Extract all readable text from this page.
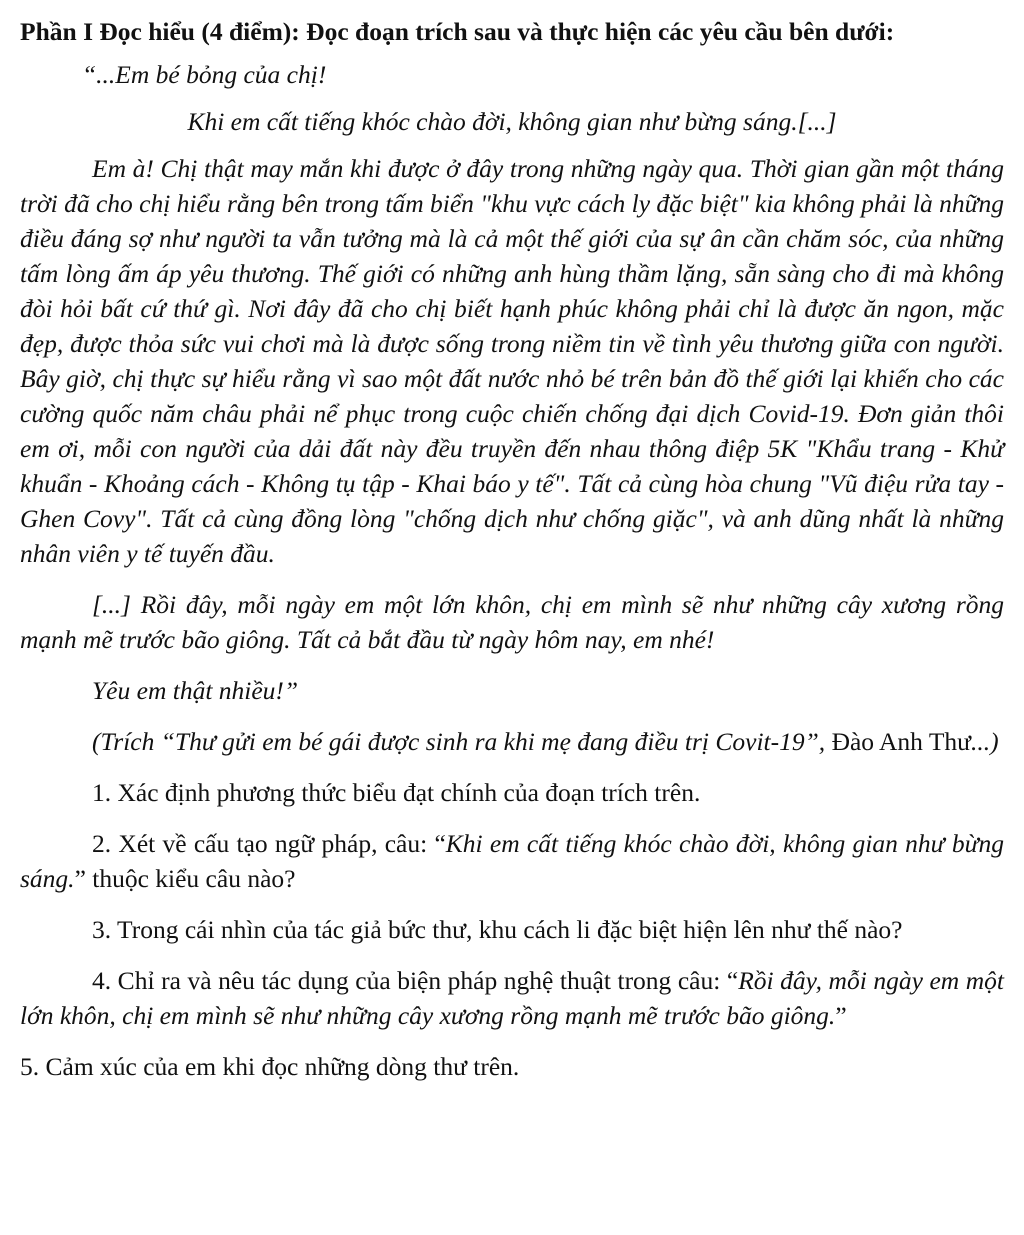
Phần I Đọc hiểu (4 điểm): Đọc đoạn trích sau và thực hiện các yêu cầu bên dưới:

“...Em bé bỏng của chị!

Khi em cất tiếng khóc chào đời, không gian như bừng sáng.[...]

Em à! Chị thật may mắn khi được ở đây trong những ngày qua. Thời gian gần một tháng trời đã cho chị hiểu rằng bên trong tấm biển "khu vực cách ly đặc biệt" kia không phải là những điều đáng sợ như người ta vẫn tưởng mà là cả một thế giới của sự ân cần chăm sóc, của những tấm lòng ấm áp yêu thương. Thế giới có những anh hùng thầm lặng, sẵn sàng cho đi mà không đòi hỏi bất cứ thứ gì. Nơi đây đã cho chị biết hạnh phúc không phải chỉ là được ăn ngon, mặc đẹp, được thỏa sức vui chơi mà là được sống trong niềm tin về tình yêu thương giữa con người. Bây giờ, chị thực sự hiểu rằng vì sao một đất nước nhỏ bé trên bản đồ thế giới lại khiến cho các cường quốc năm châu phải nể phục trong cuộc chiến chống đại dịch Covid-19. Đơn giản thôi em ơi, mỗi con người của dải đất này đều truyền đến nhau thông điệp 5K "Khẩu trang - Khử khuẩn - Khoảng cách - Không tụ tập - Khai báo y tế". Tất cả cùng hòa chung "Vũ điệu rửa tay - Ghen Covy". Tất cả cùng đồng lòng "chống dịch như chống giặc", và anh dũng nhất là những nhân viên y tế tuyến đầu.

[...] Rồi đây, mỗi ngày em một lớn khôn, chị em mình sẽ như những cây xương rồng mạnh mẽ trước bão giông. Tất cả bắt đầu từ ngày hôm nay, em nhé!

Yêu em thật nhiều!”

(Trích “Thư gửi em bé gái được sinh ra khi mẹ đang điều trị Covit-19”, Đào Anh Thư...)

1. Xác định phương thức biểu đạt chính của đoạn trích trên.

2. Xét về cấu tạo ngữ pháp, câu: “Khi em cất tiếng khóc chào đời, không gian như bừng sáng.” thuộc kiểu câu nào?

3. Trong cái nhìn của tác giả bức thư, khu cách li đặc biệt hiện lên như thế nào?

4. Chỉ ra và nêu tác dụng của biện pháp nghệ thuật trong câu: “Rồi đây, mỗi ngày em một lớn khôn, chị em mình sẽ như những cây xương rồng mạnh mẽ trước bão giông.”

5. Cảm xúc của em khi đọc những dòng thư trên.
